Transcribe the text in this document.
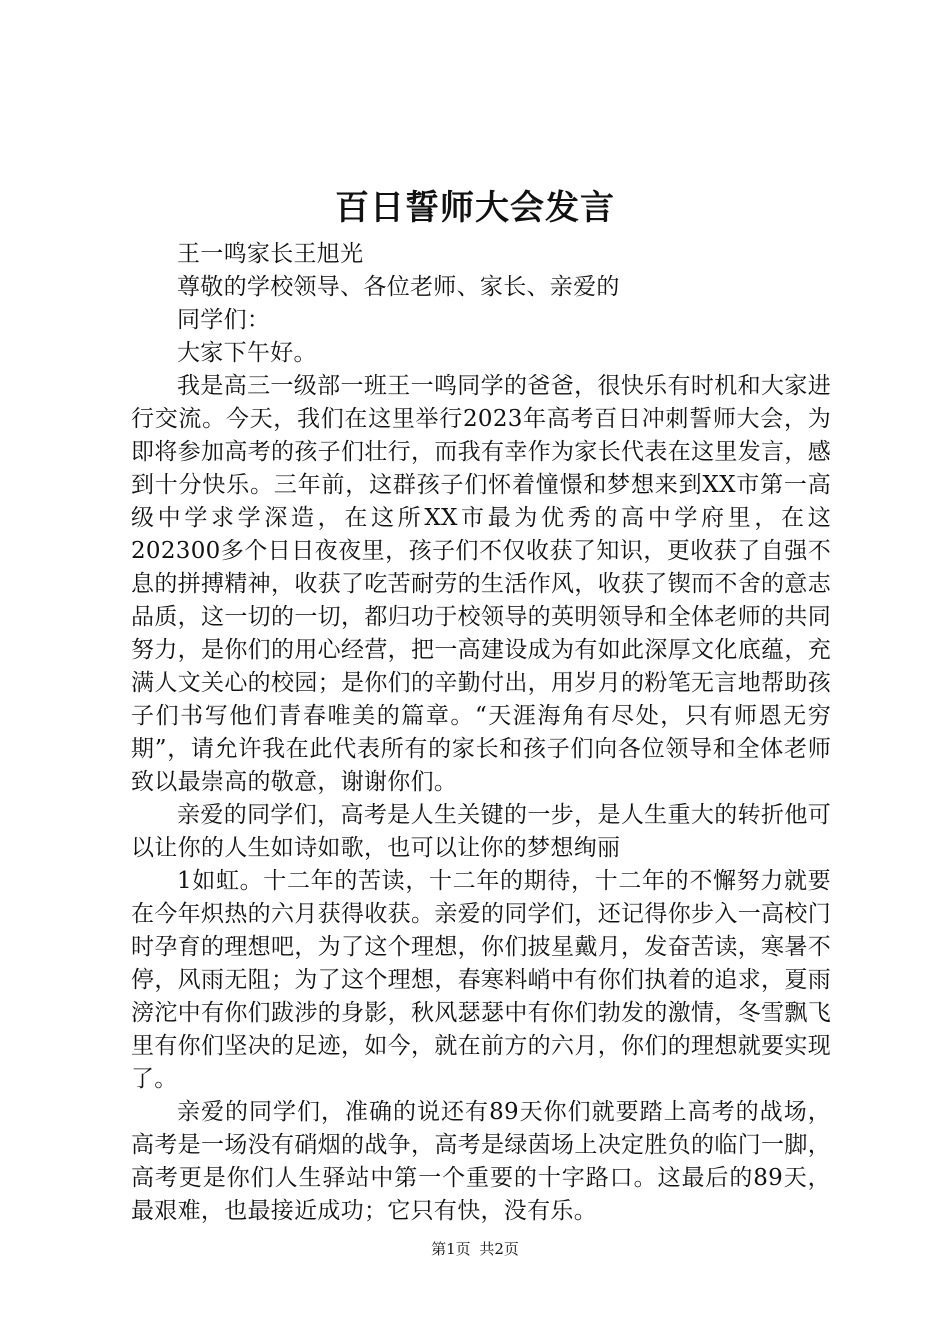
百日誓师大会发言

王一鸣家长王旭光

尊敬的学校领导、各位老师、家长、亲爱的

同学们：

大家下午好。

我是高三一级部一班王一鸣同学的爸爸，很快乐有时机和大家进行交流。今天，我们在这里举行2023年高考百日冲刺誓师大会，为即将参加高考的孩子们壮行，而我有幸作为家长代表在这里发言，感到十分快乐。三年前，这群孩子们怀着憧憬和梦想来到XX市第一高级中学求学深造，在这所XX市最为优秀的高中学府里，在这202300多个日日夜夜里，孩子们不仅收获了知识，更收获了自强不息的拼搏精神，收获了吃苦耐劳的生活作风，收获了锲而不舍的意志品质，这一切的一切，都归功于校领导的英明领导和全体老师的共同努力，是你们的用心经营，把一高建设成为有如此深厚文化底蕴，充满人文关心的校园；是你们的辛勤付出，用岁月的粉笔无言地帮助孩子们书写他们青春唯美的篇章。“天涯海角有尽处，只有师恩无穷期”，请允许我在此代表所有的家长和孩子们向各位领导和全体老师致以最崇高的敬意，谢谢你们。

亲爱的同学们，高考是人生关键的一步，是人生重大的转折他可以让你的人生如诗如歌，也可以让你的梦想绚丽

1如虹。十二年的苦读，十二年的期待，十二年的不懈努力就要在今年炽热的六月获得收获。亲爱的同学们，还记得你步入一高校门时孕育的理想吧，为了这个理想，你们披星戴月，发奋苦读，寒暑不停，风雨无阻；为了这个理想，春寒料峭中有你们执着的追求，夏雨滂沱中有你们跋涉的身影，秋风瑟瑟中有你们勃发的激情，冬雪飘飞里有你们坚决的足迹，如今，就在前方的六月，你们的理想就要实现了。

亲爱的同学们，准确的说还有89天你们就要踏上高考的战场，高考是一场没有硝烟的战争，高考是绿茵场上决定胜负的临门一脚，高考更是你们人生驿站中第一个重要的十字路口。这最后的89天，最艰难，也最接近成功；它只有快，没有乐。

第1页 共2页
